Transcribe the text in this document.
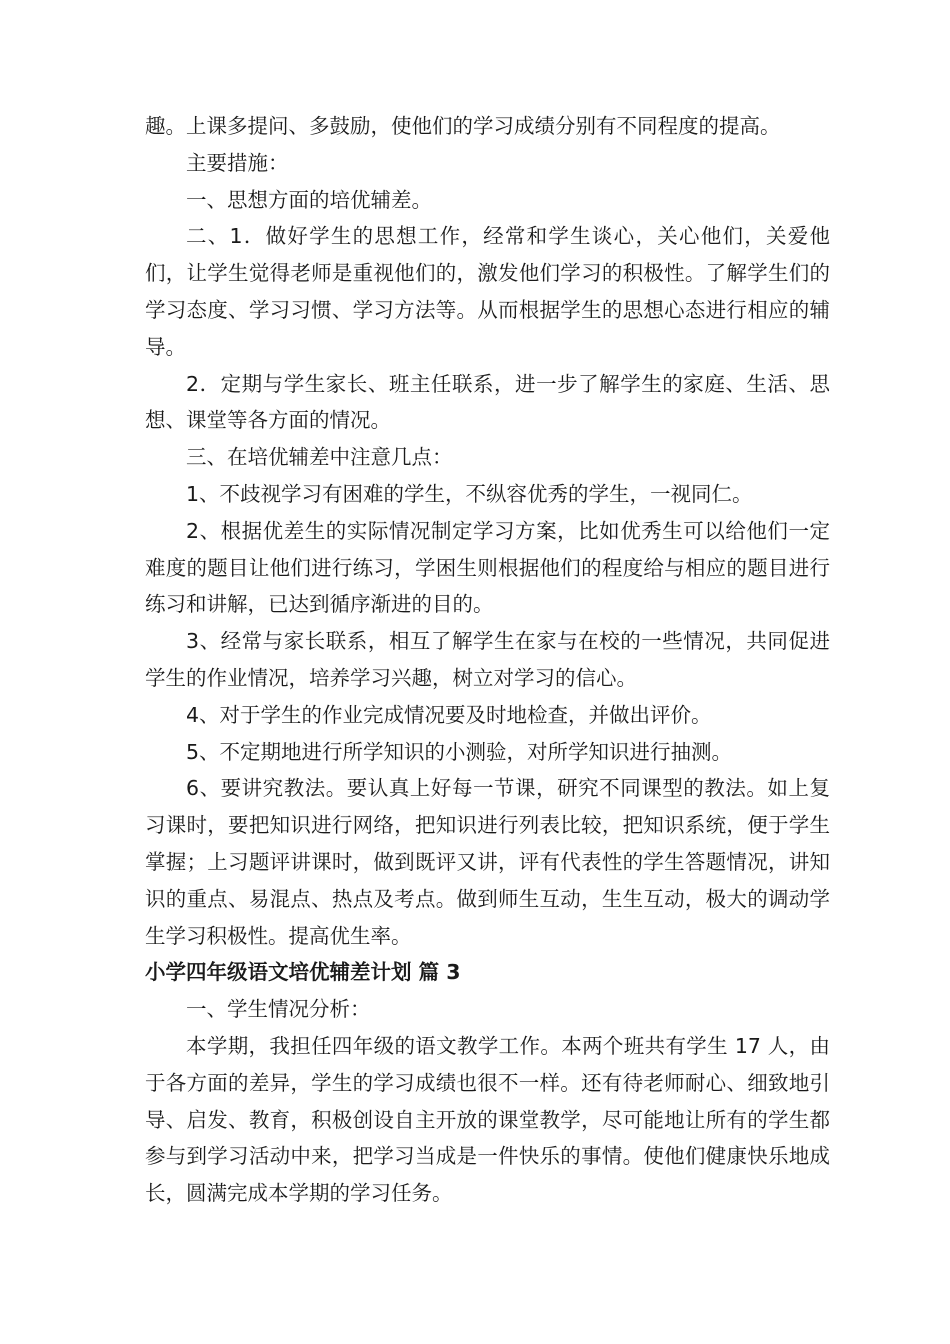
趣。上课多提问、多鼓励，使他们的学习成绩分别有不同程度的提高。

主要措施：

一、思想方面的培优辅差。

二、1．做好学生的思想工作，经常和学生谈心，关心他们，关爱他们，让学生觉得老师是重视他们的，激发他们学习的积极性。了解学生们的学习态度、学习习惯、学习方法等。从而根据学生的思想心态进行相应的辅导。

2．定期与学生家长、班主任联系，进一步了解学生的家庭、生活、思想、课堂等各方面的情况。

三、在培优辅差中注意几点：

1、不歧视学习有困难的学生，不纵容优秀的学生，一视同仁。

2、根据优差生的实际情况制定学习方案，比如优秀生可以给他们一定难度的题目让他们进行练习，学困生则根据他们的程度给与相应的题目进行练习和讲解，已达到循序渐进的目的。

3、经常与家长联系，相互了解学生在家与在校的一些情况，共同促进学生的作业情况，培养学习兴趣，树立对学习的信心。

4、对于学生的作业完成情况要及时地检查，并做出评价。

5、不定期地进行所学知识的小测验，对所学知识进行抽测。

6、要讲究教法。要认真上好每一节课，研究不同课型的教法。如上复习课时，要把知识进行网络，把知识进行列表比较，把知识系统，便于学生掌握；上习题评讲课时，做到既评又讲，评有代表性的学生答题情况，讲知识的重点、易混点、热点及考点。做到师生互动，生生互动，极大的调动学生学习积极性。提高优生率。

小学四年级语文培优辅差计划 篇 3

一、学生情况分析：

本学期，我担任四年级的语文教学工作。本两个班共有学生 17 人，由于各方面的差异，学生的学习成绩也很不一样。还有待老师耐心、细致地引导、启发、教育，积极创设自主开放的课堂教学，尽可能地让所有的学生都参与到学习活动中来，把学习当成是一件快乐的事情。使他们健康快乐地成长，圆满完成本学期的学习任务。
